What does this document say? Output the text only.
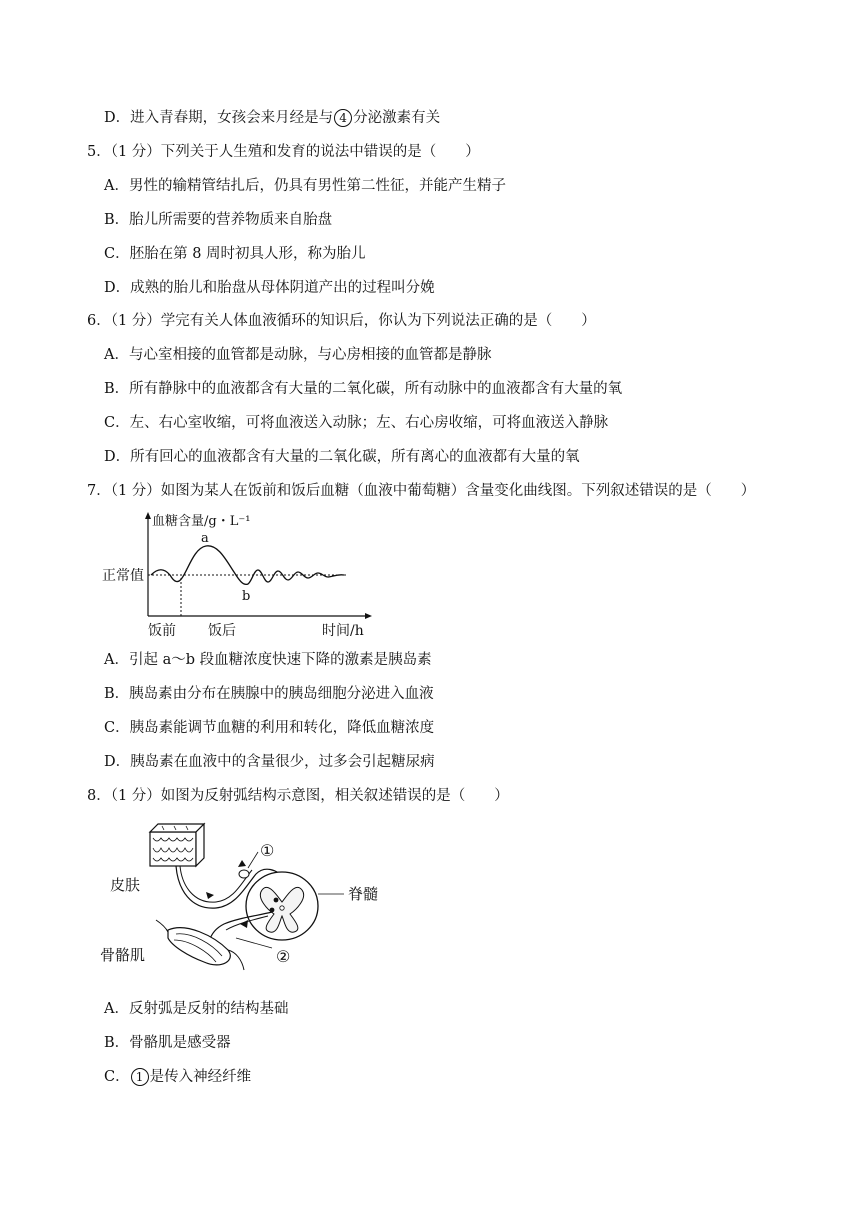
D．进入青春期，女孩会来月经是与 4 分泌激素有关
5．（1 分）下列关于人生殖和发育的说法中错误的是（　　）
A．男性的输精管结扎后，仍具有男性第二性征，并能产生精子
B．胎儿所需要的营养物质来自胎盘
C．胚胎在第 8 周时初具人形，称为胎儿
D．成熟的胎儿和胎盘从母体阴道产出的过程叫分娩
6．（1 分）学完有关人体血液循环的知识后，你认为下列说法正确的是（　　）
A．与心室相接的血管都是动脉，与心房相接的血管都是静脉
B．所有静脉中的血液都含有大量的二氧化碳，所有动脉中的血液都含有大量的氧
C．左、右心室收缩，可将血液送入动脉；左、右心房收缩，可将血液送入静脉
D．所有回心的血液都含有大量的二氧化碳，所有离心的血液都有大量的氧
7．（1 分）如图为某人在饭前和饭后血糖（血液中葡萄糖）含量变化曲线图。下列叙述错误的是（　　）
血糖含量/g・L⁻¹
a
b
正常值
饭前 饭后	时间/h
A．引起 a～b 段血糖浓度快速下降的激素是胰岛素
B．胰岛素由分布在胰腺中的胰岛细胞分泌进入血液
C．胰岛素能调节血糖的利用和转化，降低血糖浓度
D．胰岛素在血液中的含量很少，过多会引起糖尿病
8．（1 分）如图为反射弧结构示意图，相关叙述错误的是（　　）
皮肤
骨骼肌
脊髓
①
②
A．反射弧是反射的结构基础
B．骨骼肌是感受器
C． 1 是传入神经纤维
